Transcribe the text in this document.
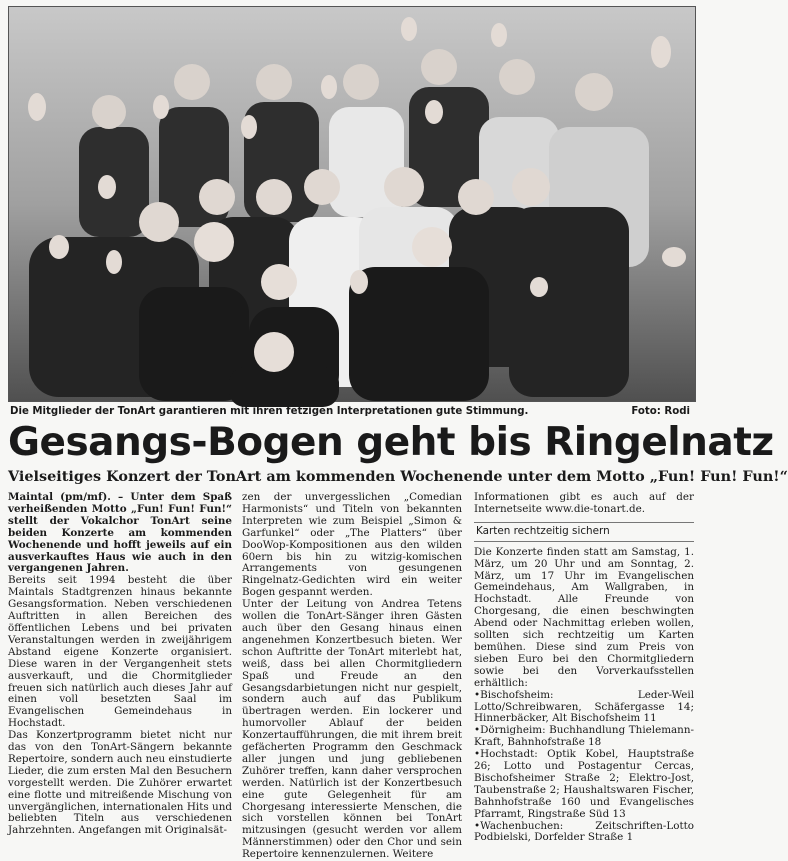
Die Mitglieder der TonArt garantieren mit ihren fetzigen Interpretationen gute Stimmung.	Foto: Rodi
Gesangs-Bogen geht bis Ringelnatz
Vielseitiges Konzert der TonArt am kommenden Wochenende unter dem Motto „Fun! Fun! Fun!“

Maintal (pm/mf). – Unter dem Spaß verheißenden Motto „Fun! Fun! Fun!“ stellt der Vokalchor TonArt seine beiden Konzerte am kommenden Wochenende und hofft jeweils auf ein ausverkauftes Haus wie auch in den vergangenen Jahren.

Bereits seit 1994 besteht die über Maintals Stadtgrenzen hinaus bekannte Gesangsformation. Neben verschiedenen Auftritten in allen Bereichen des öffentlichen Lebens und bei privaten Veranstaltungen werden in zweijährigem Abstand eigene Konzerte organisiert. Diese waren in der Vergangenheit stets ausverkauft, und die Chormitglieder freuen sich natürlich auch dieses Jahr auf einen voll besetzten Saal im Evangelischen Gemeindehaus in Hochstadt.

Das Konzertprogramm bietet nicht nur das von den TonArt-Sängern bekannte Repertoire, sondern auch neu einstudierte Lieder, die zum ersten Mal den Besuchern vorgestellt werden. Die Zuhörer erwartet eine flotte und mitreißende Mischung von unvergänglichen, internationalen Hits und beliebten Titeln aus verschiedenen Jahrzehnten. Angefangen mit Originalsät-

zen der unvergesslichen „Comedian Harmonists“ und Titeln von bekannten Interpreten wie zum Beispiel „Simon & Garfunkel“ oder „The Platters“ über DooWop-Kompositionen aus den wilden 60ern bis hin zu witzig-komischen Arrangements von gesungenen Ringelnatz-Gedichten wird ein weiter Bogen gespannt werden.

Unter der Leitung von Andrea Tetens wollen die TonArt-Sänger ihren Gästen auch über den Gesang hinaus einen angenehmen Konzertbesuch bieten. Wer schon Auftritte der TonArt miterlebt hat, weiß, dass bei allen Chormitgliedern Spaß und Freude an den Gesangsdarbietungen nicht nur gespielt, sondern auch auf das Publikum übertragen werden. Ein lockerer und humorvoller Ablauf der beiden Konzertaufführungen, die mit ihrem breit gefächerten Programm den Geschmack aller jungen und jung gebliebenen Zuhörer treffen, kann daher versprochen werden. Natürlich ist der Konzertbesuch eine gute Gelegenheit für am Chorgesang interessierte Menschen, die sich vorstellen können bei TonArt mitzusingen (gesucht werden vor allem Männerstimmen) oder den Chor und sein Repertoire kennenzulernen. Weitere

Informationen gibt es auch auf der Internetseite www.die-tonart.de.

Karten rechtzeitig sichern

Die Konzerte finden statt am Samstag, 1. März, um 20 Uhr und am Sonntag, 2. März, um 17 Uhr im Evangelischen Gemeindehaus, Am Wallgraben, in Hochstadt. Alle Freunde von Chorgesang, die einen beschwingten Abend oder Nachmittag erleben wollen, sollten sich rechtzeitig um Karten bemühen. Diese sind zum Preis von sieben Euro bei den Chormitgliedern sowie bei den Vorverkaufsstellen erhältlich:

• Bischofsheim: Leder-Weil Lotto/Schreibwaren, Schäfergasse 14; Hinnerbäcker, Alt Bischofsheim 11
• Dörnigheim: Buchhandlung Thielemann-Kraft, Bahnhofstraße 18
• Hochstadt: Optik Kobel, Hauptstraße 26; Lotto und Postagentur Cercas, Bischofsheimer Straße 2; Elektro-Jost, Taubenstraße 2; Haushaltswaren Fischer, Bahnhofstraße 160 und Evangelisches Pfarramt, Ringstraße Süd 13
• Wachenbuchen: Zeitschriften-Lotto Podbielski, Dorfelder Straße 1
